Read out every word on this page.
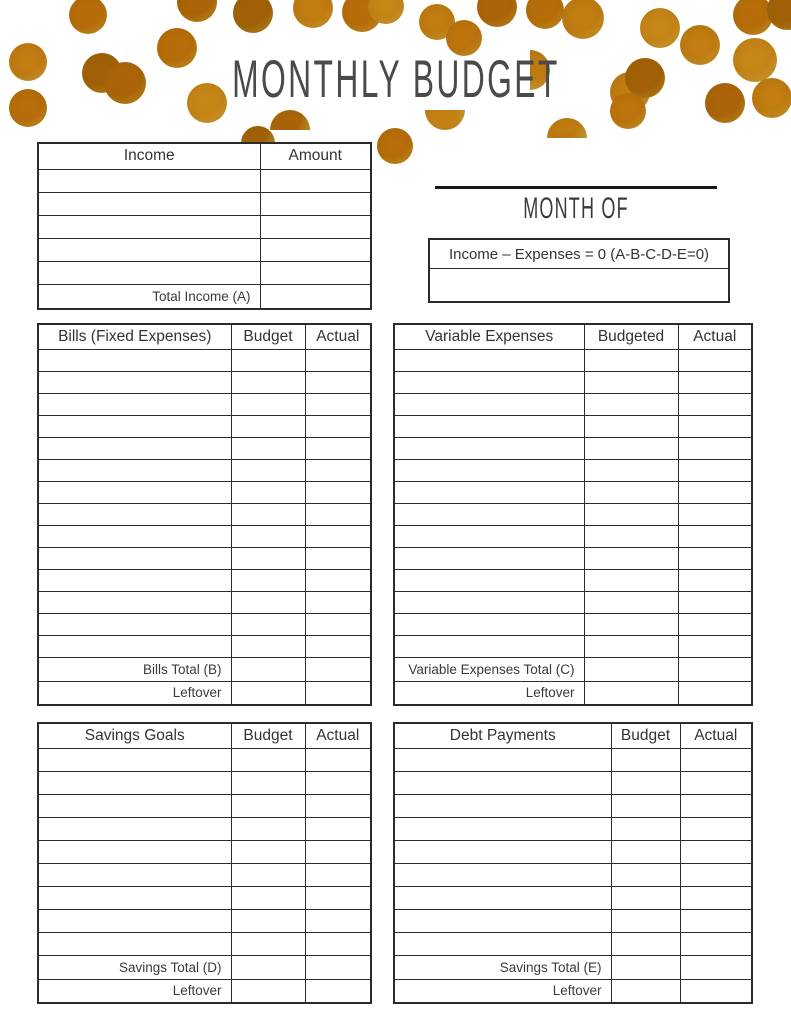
MONTHLY BUDGET
Income	Amount

Total Income (A)	
MONTH OF
Income – Expenses = 0 (A-B-C-D-E=0)
Bills (Fixed Expenses)	Budget	Actual

Bills Total (B)		
Leftover		
Variable Expenses	Budgeted	Actual

Variable Expenses Total (C)		
Leftover		
Savings Goals	Budget	Actual

Savings Total (D)		
Leftover		
Debt Payments	Budget	Actual

Savings Total (E)		
Leftover		
